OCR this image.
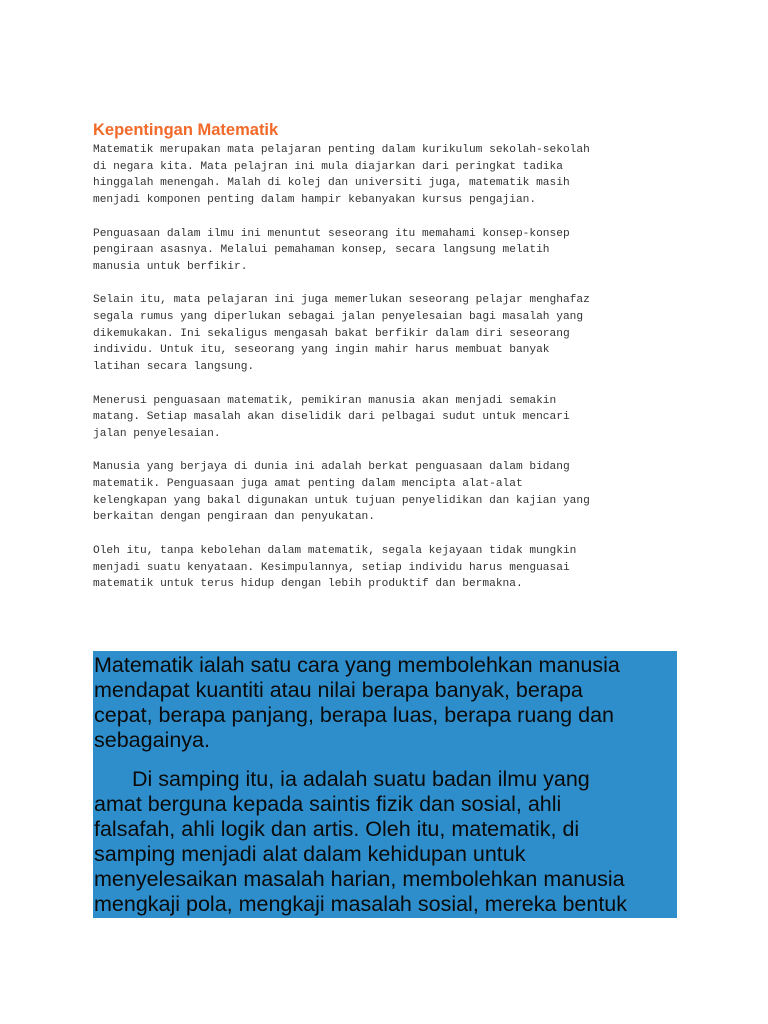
Kepentingan Matematik

Matematik merupakan mata pelajaran penting dalam kurikulum sekolah-sekolah
di negara kita. Mata pelajran ini mula diajarkan dari peringkat tadika
hinggalah menengah. Malah di kolej dan universiti juga, matematik masih
menjadi komponen penting dalam hampir kebanyakan kursus pengajian.

Penguasaan dalam ilmu ini menuntut seseorang itu memahami konsep-konsep
pengiraan asasnya. Melalui pemahaman konsep, secara langsung melatih
manusia untuk berfikir.

Selain itu, mata pelajaran ini juga memerlukan seseorang pelajar menghafaz
segala rumus yang diperlukan sebagai jalan penyelesaian bagi masalah yang
dikemukakan. Ini sekaligus mengasah bakat berfikir dalam diri seseorang
individu. Untuk itu, seseorang yang ingin mahir harus membuat banyak
latihan secara langsung.

Menerusi penguasaan matematik, pemikiran manusia akan menjadi semakin
matang. Setiap masalah akan diselidik dari pelbagai sudut untuk mencari
jalan penyelesaian.

Manusia yang berjaya di dunia ini adalah berkat penguasaan dalam bidang
matematik. Penguasaan juga amat penting dalam mencipta alat-alat
kelengkapan yang bakal digunakan untuk tujuan penyelidikan dan kajian yang
berkaitan dengan pengiraan dan penyukatan.

Oleh itu, tanpa kebolehan dalam matematik, segala kejayaan tidak mungkin
menjadi suatu kenyataan. Kesimpulannya, setiap individu harus menguasai
matematik untuk terus hidup dengan lebih produktif dan bermakna.

Matematik ialah satu cara yang membolehkan manusia
mendapat kuantiti atau nilai berapa banyak, berapa
cepat, berapa panjang, berapa luas, berapa ruang dan
sebagainya.

Di samping itu, ia adalah suatu badan ilmu yang
amat berguna kepada saintis fizik dan sosial, ahli
falsafah, ahli logik dan artis. Oleh itu, matematik, di
samping menjadi alat dalam kehidupan untuk
menyelesaikan masalah harian, membolehkan manusia
mengkaji pola, mengkaji masalah sosial, mereka bentuk
